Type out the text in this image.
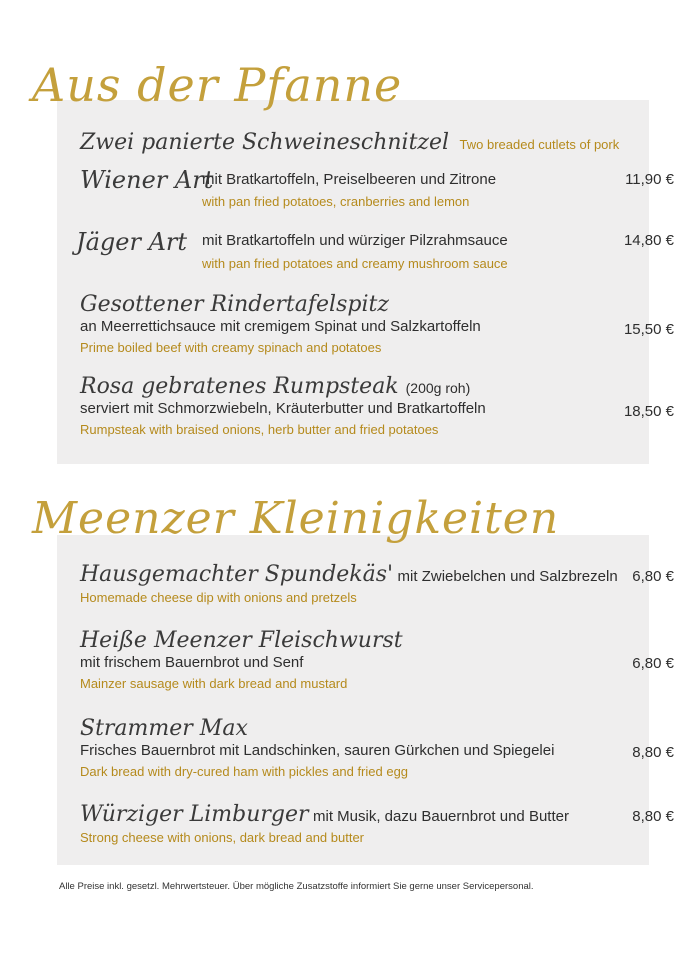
Aus der Pfanne
Zwei panierte Schweineschnitzel Two breaded cutlets of pork
Wiener Art
mit Bratkartoffeln, Preiselbeeren und Zitrone
with pan fried potatoes, cranberries and lemon
11,90 €
Jäger Art mit Bratkartoffeln und würziger Pilzrahmsauce
with pan fried potatoes and creamy mushroom sauce
14,80 €
Gesottener Rindertafelspitz
an Meerrettichsauce mit cremigem Spinat und Salzkartoffeln
Prime boiled beef with creamy spinach and potatoes
15,50 €
Rosa gebratenes Rumpsteak (200g roh)
serviert mit Schmorzwiebeln, Kräuterbutter und Bratkartoffeln
Rumpsteak with braised onions, herb butter and fried potatoes
18,50 €
Meenzer Kleinigkeiten
Hausgemachter Spundekäs' mit Zwiebelchen und Salzbrezeln
Homemade cheese dip with onions and pretzels
6,80 €
Heiße Meenzer Fleischwurst
mit frischem Bauernbrot und Senf
Mainzer sausage with dark bread and mustard
6,80 €
Strammer Max
Frisches Bauernbrot mit Landschinken, sauren Gürkchen und Spiegelei
Dark bread with dry-cured ham with pickles and fried egg
8,80 €
Würziger Limburger mit Musik, dazu Bauernbrot und Butter
Strong cheese with onions, dark bread and butter
8,80 €
Alle Preise inkl. gesetzl. Mehrwertsteuer. Über mögliche Zusatzstoffe informiert Sie gerne unser Servicepersonal.
